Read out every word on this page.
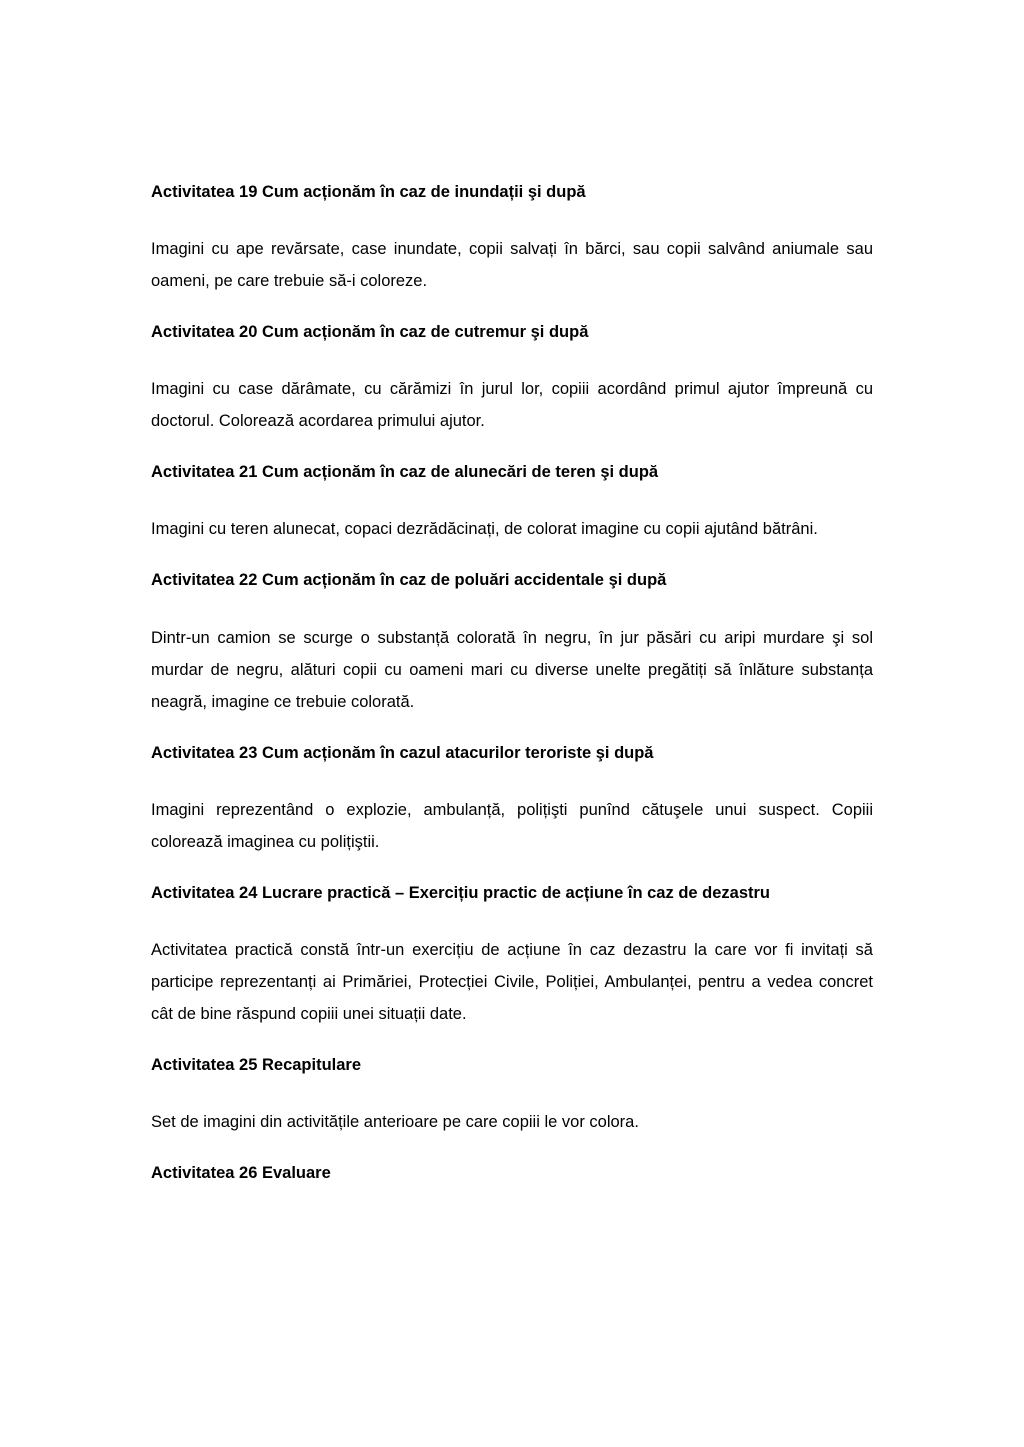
Activitatea 19 Cum acționăm în caz de inundații şi după

Imagini cu ape revărsate, case inundate, copii salvați în bărci, sau copii salvând aniumale sau oameni, pe care trebuie să-i coloreze.

Activitatea 20 Cum acționăm în caz de cutremur şi după

Imagini cu case dărâmate, cu cărămizi în jurul lor, copiii acordând primul ajutor împreună cu doctorul. Colorează acordarea primului ajutor.

Activitatea 21 Cum acționăm în caz de alunecări de teren şi după

Imagini cu teren alunecat, copaci dezrădăcinați, de colorat imagine cu copii ajutând bătrâni.

Activitatea 22 Cum acționăm în caz de poluări accidentale şi după

Dintr-un camion se scurge o substanță colorată în negru, în jur păsări cu aripi murdare şi sol murdar de negru, alături copii cu oameni mari cu diverse unelte pregătiți să înlăture substanța neagră, imagine ce trebuie colorată.

Activitatea 23 Cum acționăm în cazul atacurilor teroriste şi după

Imagini reprezentând o explozie, ambulanță, polițişti punînd cătuşele unui suspect. Copiii colorează imaginea cu polițiştii.

Activitatea 24 Lucrare practică – Exercițiu practic de acțiune în caz de dezastru

Activitatea practică constă într-un exercițiu de acțiune în caz dezastru la care vor fi invitați să participe reprezentanți ai Primăriei, Protecției Civile, Poliției, Ambulanței, pentru a vedea concret cât de bine răspund copiii unei situații date.

Activitatea 25 Recapitulare

Set de imagini din activitățile anterioare pe care copiii le vor colora.

Activitatea 26 Evaluare
